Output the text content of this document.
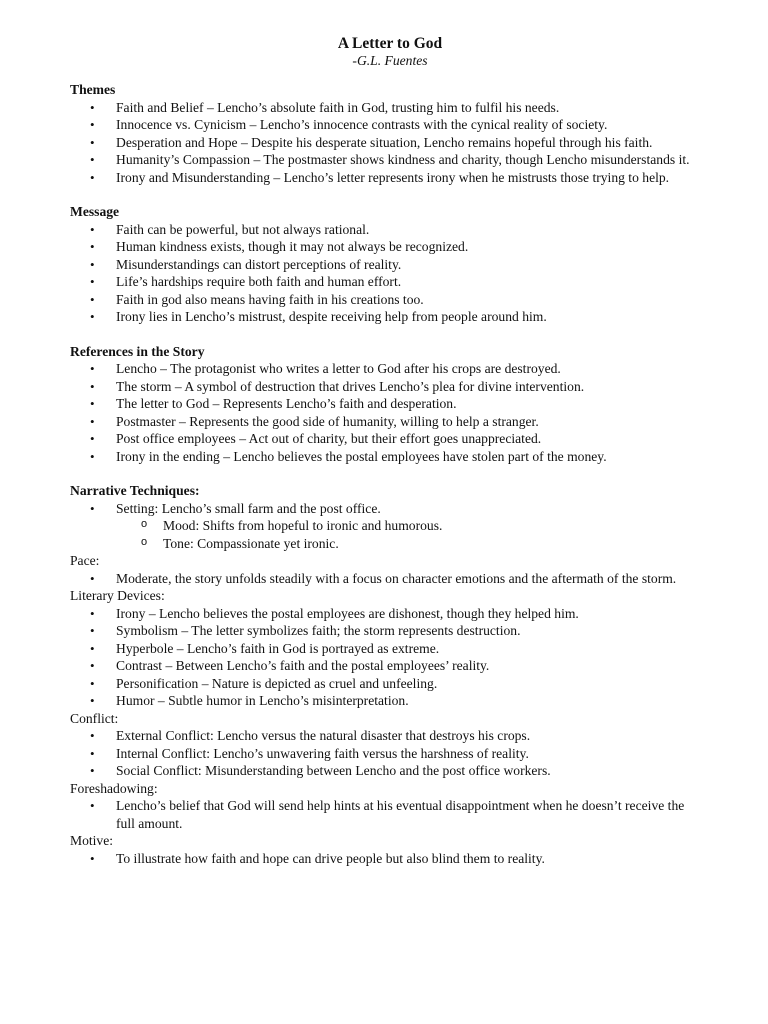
A Letter to God

-G.L. Fuentes

Themes

• Faith and Belief – Lencho’s absolute faith in God, trusting him to fulfil his needs.
• Innocence vs. Cynicism – Lencho’s innocence contrasts with the cynical reality of society.
• Desperation and Hope – Despite his desperate situation, Lencho remains hopeful through his faith.
• Humanity’s Compassion – The postmaster shows kindness and charity, though Lencho misunderstands it.
• Irony and Misunderstanding – Lencho’s letter represents irony when he mistrusts those trying to help.

Message

• Faith can be powerful, but not always rational.
• Human kindness exists, though it may not always be recognized.
• Misunderstandings can distort perceptions of reality.
• Life’s hardships require both faith and human effort.
• Faith in god also means having faith in his creations too.
• Irony lies in Lencho’s mistrust, despite receiving help from people around him.

References in the Story

• Lencho – The protagonist who writes a letter to God after his crops are destroyed.
• The storm – A symbol of destruction that drives Lencho’s plea for divine intervention.
• The letter to God – Represents Lencho’s faith and desperation.
• Postmaster – Represents the good side of humanity, willing to help a stranger.
• Post office employees – Act out of charity, but their effort goes unappreciated.
• Irony in the ending – Lencho believes the postal employees have stolen part of the money.

Narrative Techniques:

• Setting: Lencho’s small farm and the post office.
o Mood: Shifts from hopeful to ironic and humorous.
o Tone: Compassionate yet ironic.

Pace:

• Moderate, the story unfolds steadily with a focus on character emotions and the aftermath of the storm.

Literary Devices:

• Irony – Lencho believes the postal employees are dishonest, though they helped him.
• Symbolism – The letter symbolizes faith; the storm represents destruction.
• Hyperbole – Lencho’s faith in God is portrayed as extreme.
• Contrast – Between Lencho’s faith and the postal employees’ reality.
• Personification – Nature is depicted as cruel and unfeeling.
• Humor – Subtle humor in Lencho’s misinterpretation.

Conflict:

• External Conflict: Lencho versus the natural disaster that destroys his crops.
• Internal Conflict: Lencho’s unwavering faith versus the harshness of reality.
• Social Conflict: Misunderstanding between Lencho and the post office workers.

Foreshadowing:

• Lencho’s belief that God will send help hints at his eventual disappointment when he doesn’t receive the full amount.

Motive:

• To illustrate how faith and hope can drive people but also blind them to reality.
